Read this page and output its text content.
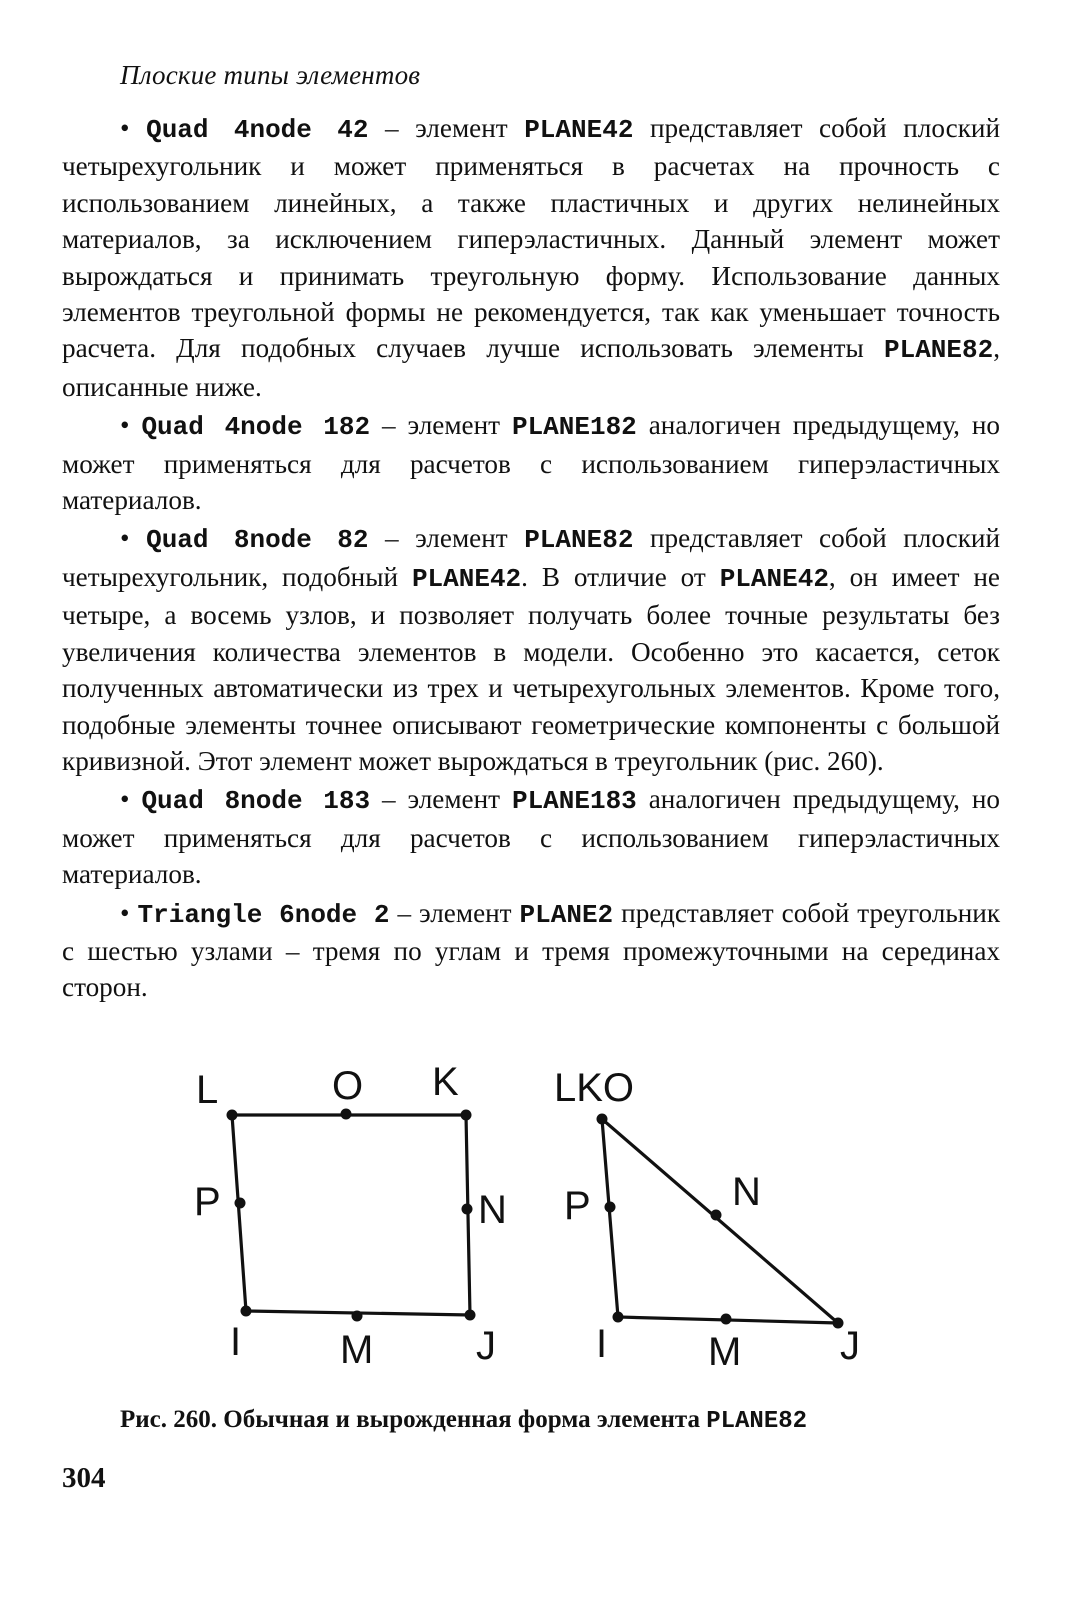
Плоские типы элементов

• Quad 4node 42 – элемент PLANE42 представляет собой плоский четырехугольник и может применяться в расчетах на прочность с использованием линейных, а также пластичных и других нелинейных материалов, за исключением гиперэластичных. Данный элемент может вырождаться и принимать треугольную форму. Использование данных элементов треугольной формы не рекомендуется, так как уменьшает точность расчета. Для подобных случаев лучше использовать элементы PLANE82, описанные ниже.

• Quad 4node 182 – элемент PLANE182 аналогичен предыдущему, но может применяться для расчетов с использованием гиперэластичных материалов.

• Quad 8node 82 – элемент PLANE82 представляет собой плоский четырехугольник, подобный PLANE42. В отличие от PLANE42, он имеет не четыре, а восемь узлов, и позволяет получать более точные результаты без увеличения количества элементов в модели. Особенно это касается, сеток полученных автоматически из трех и четырехугольных элементов. Кроме того, подобные элементы точнее описывают геометрические компоненты с большой кривизной. Этот элемент может вырождаться в треугольник (рис. 260).

• Quad 8node 183 – элемент PLANE183 аналогичен предыдущему, но может применяться для расчетов с использованием гиперэластичных материалов.

• Triangle 6node 2 – элемент PLANE2 представляет собой треугольник с шестью узлами – тремя по углам и тремя промежуточными на серединах сторон.

L	O K
P	N
I M	J
LKO
N
P
I	M J
Рис. 260. Обычная и вырожденная форма элемента PLANE82
304
